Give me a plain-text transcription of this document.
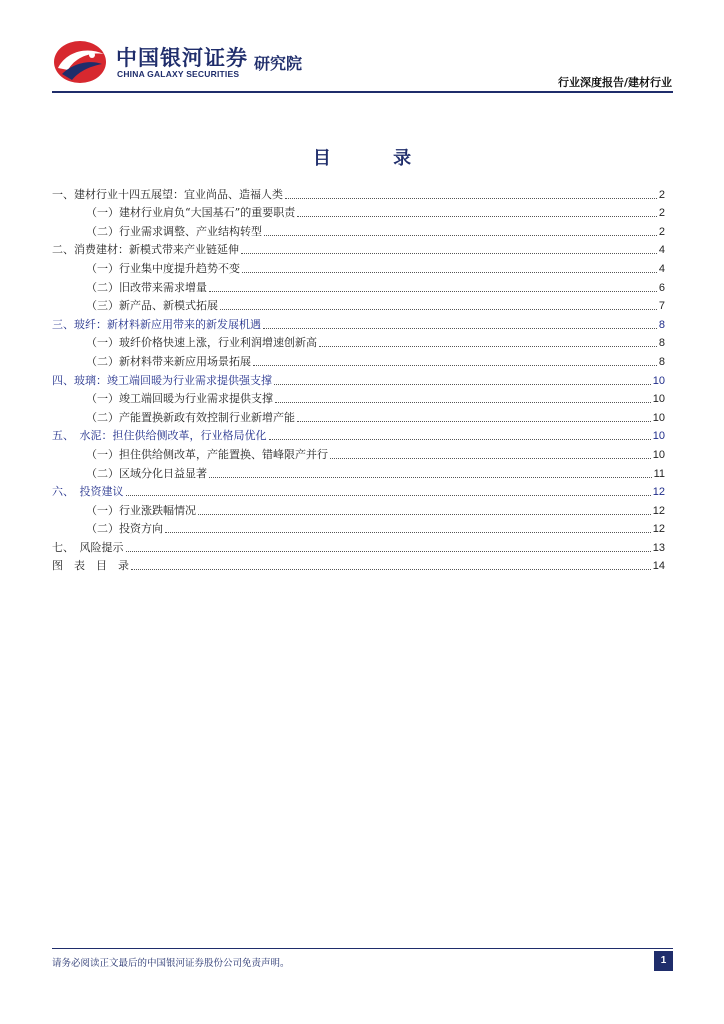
中国银河证券
CHINA GALAXY SECURITIES
研究院
行业深度报告/建材行业
目 录
一、建材行业十四五展望：宜业尚品、造福人类	2
（一）建材行业肩负“大国基石”的重要职责	2
（二）行业需求调整、产业结构转型	2
二、消费建材：新模式带来产业链延伸	4
（一）行业集中度提升趋势不变	4
（二）旧改带来需求增量	6
（三）新产品、新模式拓展	7
三、玻纤：新材料新应用带来的新发展机遇	8
（一）玻纤价格快速上涨，行业利润增速创新高	8
（二）新材料带来新应用场景拓展	8
四、玻璃：竣工端回暖为行业需求提供强支撑	10
（一）竣工端回暖为行业需求提供支撑	10
（二）产能置换新政有效控制行业新增产能	10
五、　水泥：担住供给侧改革，行业格局优化	10
（一）担住供给侧改革，产能置换、错峰限产并行	10
（二）区域分化日益显著	11
六、　投资建议	12
（一）行业涨跌幅情况	12
（二）投资方向	12
七、　风险提示	13
图　表　目　录	14
请务必阅读正文最后的中国银河证券股份公司免责声明。	1
